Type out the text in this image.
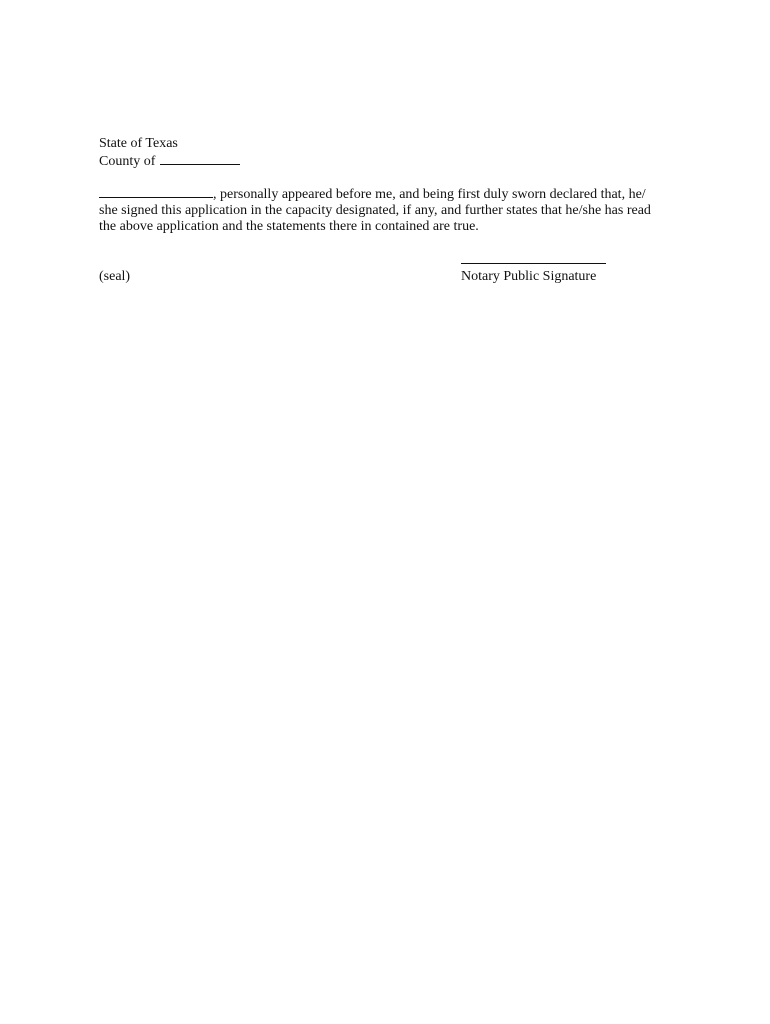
State of Texas
County of
, personally appeared before me, and being first duly sworn declared that, he/
she signed this application in the capacity designated, if any, and further states that he/she has read
the above application and the statements there in contained are true.
(seal)	Notary Public Signature
